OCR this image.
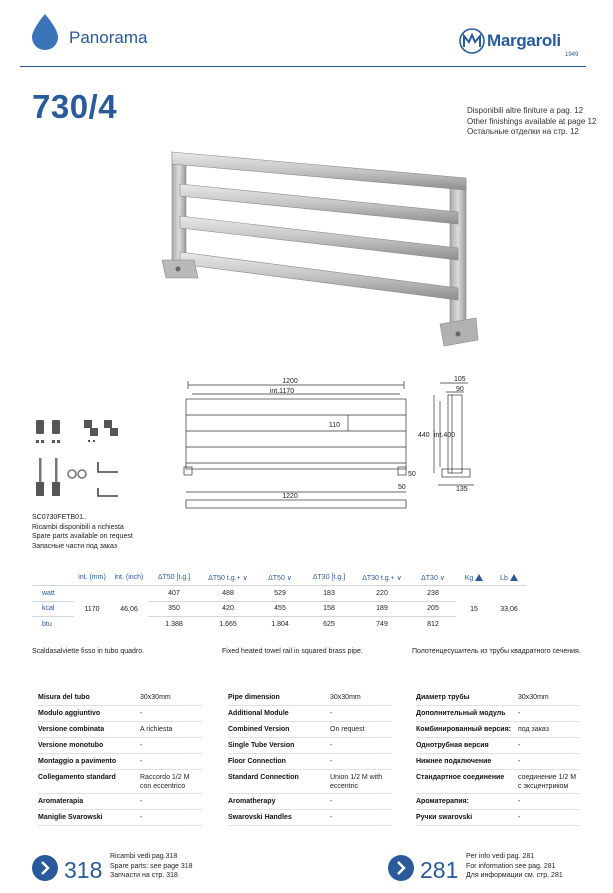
Panorama	Margaroli
1949
730/4	Disponibili altre finiture a pag. 12
Other finishings available at page 12
Остальные отделки на стр. 12
SC0730FETB01..
Ricambi disponibili a richiesta
Spare parts available on request
Запасные части под заказ
1200
int.1170
110
50
50
1220
105
90
440 int.400
135
	int. (mm)	int. (inch)	ΔT50 [t.g.]	ΔT50 t.g.+ ∨	ΔT50 ∨	ΔT30 [t.g.]	ΔT30 t.g.+ ∨	ΔT30 ∨	Kg	Lb
watt	1170	46,06	407	488	529	183	220	238	15	33,06
kcal			350	420	455	158	189	205		
btu			1.388	1.665	1.804	625	749	812		
Scaldasalviette fisso in tubo quadro.	Fixed heated towel rail in squared brass pipe.	Полотенцесушитель из трубы квадратного сечения.
Misura del tubo	30x30mm
Modulo aggiuntivo	-
Versione combinata	A richiesta
Versione monotubo	-
Montaggio a pavimento	-
Collegamento standard	Raccordo 1/2 M con eccentrico
Aromaterapia	-
Maniglie Svarowski	-
Pipe dimension	30x30mm
Additional Module	-
Combined Version	On request
Single Tube Version	-
Floor Connection	-
Standard Connection	Union 1/2 M with eccentric
Aromatherapy	-
Swarovski Handles	-
Диаметр трубы	30x30mm
Дополнительный модуль	-
Комбинированный версия: под заказ
Однотрубная версия	-
Нижнее подключение	-
Стандартное соединение	соединение 1/2 M с эксцентриком
Ароматерапия:	-
Ручки swarovski	-
318
Ricambi vedi pag.318
Spare parts: see page 318
Запчасти на стр. 318	281
Per info vedi pag. 281
For information see pag. 281
Для информации см. стр. 281
